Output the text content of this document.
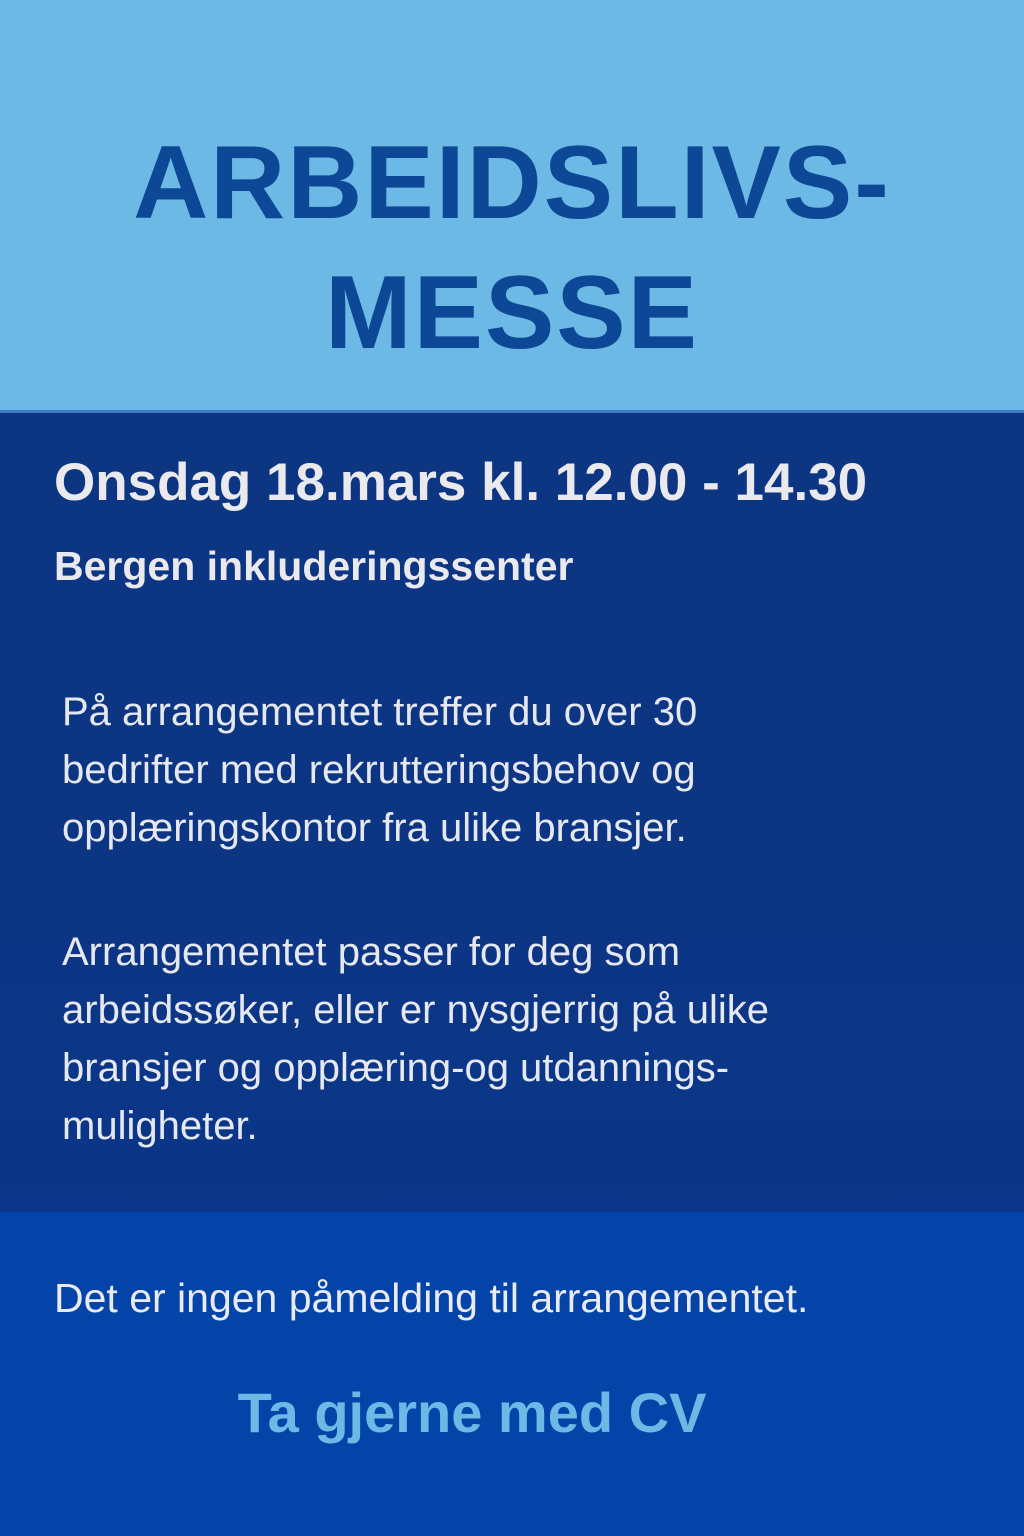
ARBEIDSLIVS-
MESSE
Onsdag 18.mars kl. 12.00 - 14.30
Bergen inkluderingssenter
På arrangementet treffer du over 30
bedrifter med rekrutteringsbehov og
opplæringskontor fra ulike bransjer.
Arrangementet passer for deg som
arbeidssøker, eller er nysgjerrig på ulike
bransjer og opplæring-og utdannings-
muligheter.
Det er ingen påmelding til arrangementet.
Ta gjerne med CV
